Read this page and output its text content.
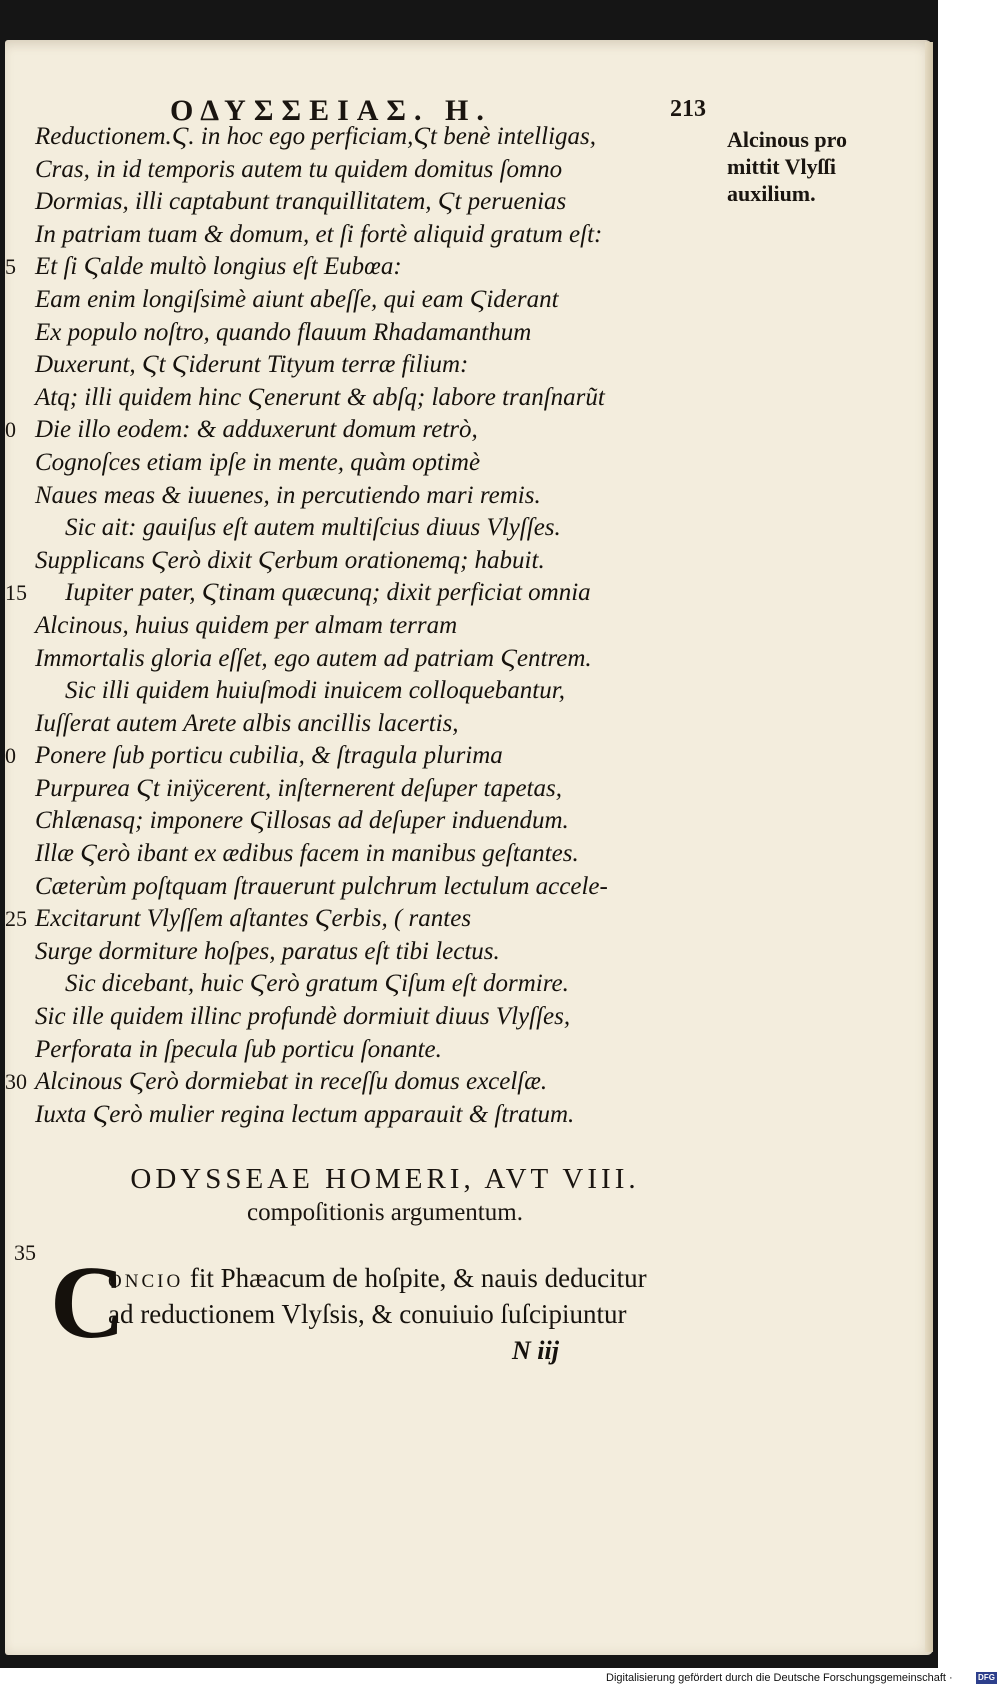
ΟΔΥΣΣΕΙΑΣ. Η.	213
Reductionem.Ϛ. in hoc ego perficiam,Ϛt benè intelligas,
Cras, in id temporis autem tu quidem domitus ſomno
Dormias, illi captabunt tranquillitatem, Ϛt peruenias
In patriam tuam & domum, et ſi fortè aliquid gratum eſt:
5 Et ſi Ϛalde multò longius eſt Eubœa:
Eam enim longiſsimè aiunt abeſſe, qui eam Ϛiderant
Ex populo noſtro, quando flauum Rhadamanthum
Duxerunt, Ϛt Ϛiderunt Tityum terræ filium:
Atq; illi quidem hinc Ϛenerunt & abſq; labore tranſnarũt
0 Die illo eodem: & adduxerunt domum retrò,
Cognoſces etiam ipſe in mente, quàm optimè
Naues meas & iuuenes, in percutiendo mari remis.
Sic ait: gauiſus eſt autem multiſcius diuus Vlyſſes.
Supplicans Ϛerò dixit Ϛerbum orationemq; habuit.
15 Iupiter pater, Ϛtinam quæcunq; dixit perficiat omnia
Alcinous, huius quidem per almam terram
Immortalis gloria eſſet, ego autem ad patriam Ϛentrem.
Sic illi quidem huiuſmodi inuicem colloquebantur,
Iuſſerat autem Arete albis ancillis lacertis,
0 Ponere ſub porticu cubilia, & ſtragula plurima
Purpurea Ϛt iniÿcerent, inſternerent deſuper tapetas,
Chlænasq; imponere Ϛillosas ad deſuper induendum.
Illæ Ϛerò ibant ex ædibus facem in manibus geſtantes.
Cæterùm poſtquam ſtrauerunt pulchrum lectulum accele-
25 Excitarunt Vlyſſem aſtantes Ϛerbis, ( rantes
Surge dormiture hoſpes, paratus eſt tibi lectus.
Sic dicebant, huic Ϛerò gratum Ϛiſum eſt dormire.
Sic ille quidem illinc profundè dormiuit diuus Vlyſſes,
Perforata in ſpecula ſub porticu ſonante.
30 Alcinous Ϛerò dormiebat in receſſu domus excelſæ.
Iuxta Ϛerò mulier regina lectum apparauit & ſtratum.
Alcinous pro
mittit Vlyſſi
auxilium.
ODYSSEAE HOMERI, AVT VIII.
compoſitionis argumentum.
35 C
ONCIO fit Phæacum de hoſpite, & nauis deducitur
ad reductionem Vlyſsis, & conuiuio ſuſcipiuntur
N iij
Digitalisierung gefördert durch die Deutsche Forschungsgemeinschaft ·	DFG
